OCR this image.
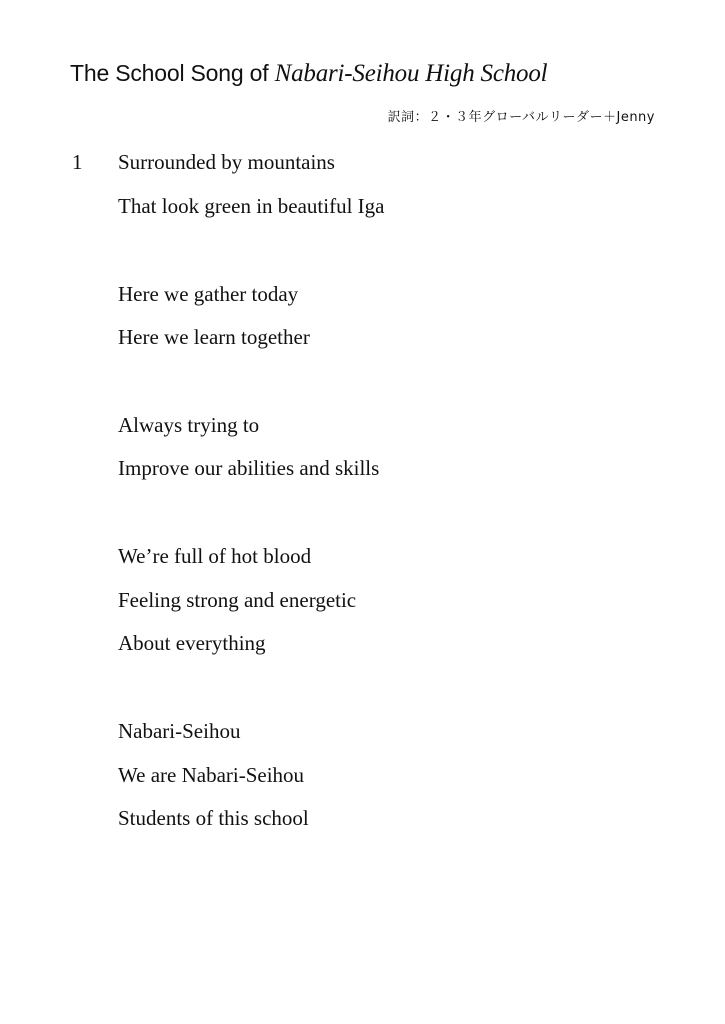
The School Song of Nabari-Seihou High School
訳詞：２・３年グローバルリーダー＋Jenny
1 Surrounded by mountains
That look green in beautiful Iga
Here we gather today
Here we learn together
Always trying to
Improve our abilities and skills
We’re full of hot blood
Feeling strong and energetic
About everything
Nabari-Seihou
We are Nabari-Seihou
Students of this school
